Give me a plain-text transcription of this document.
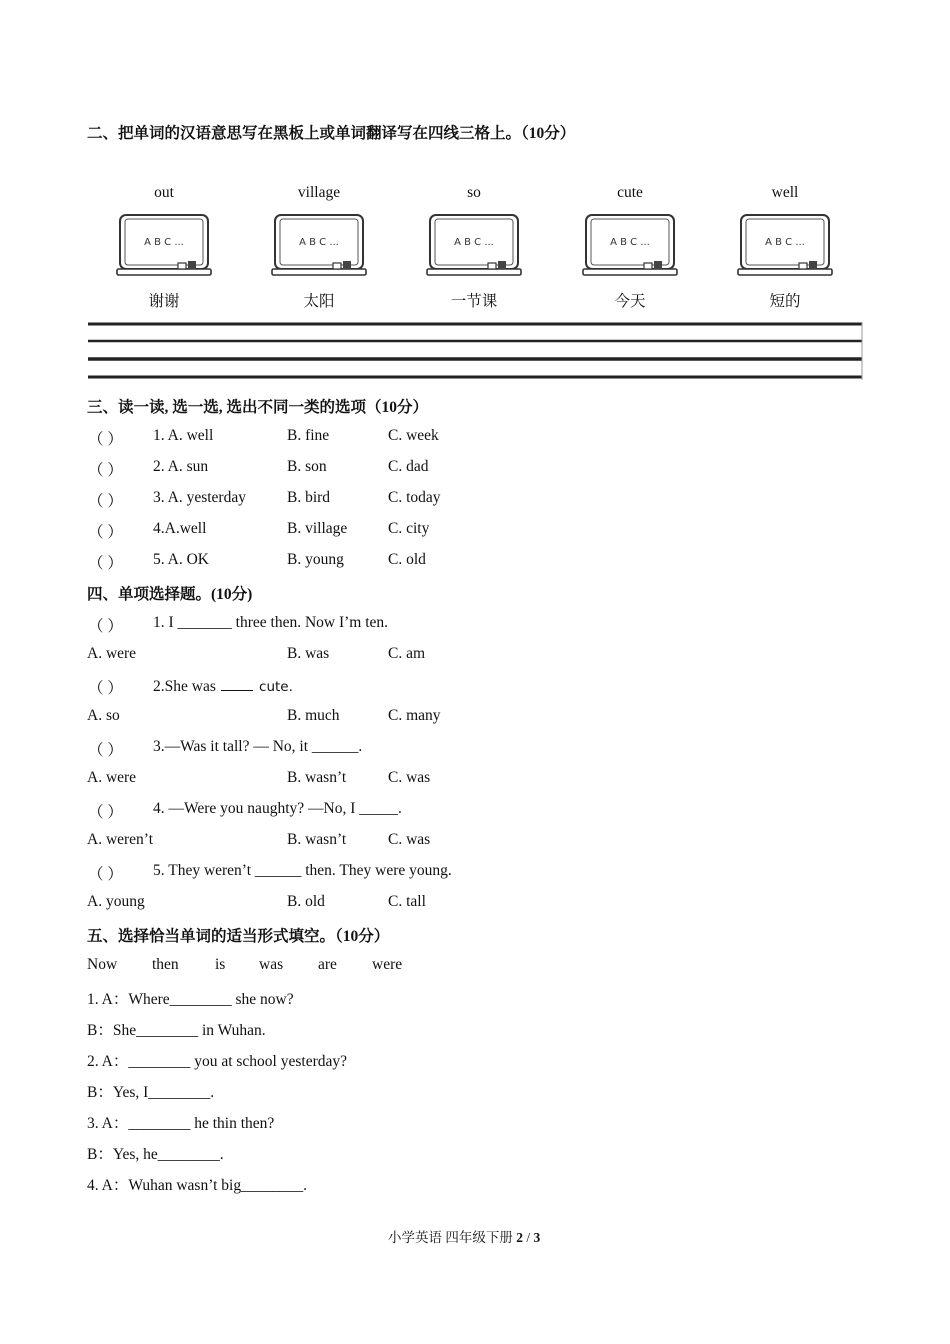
二、把单词的汉语意思写在黑板上或单词翻译写在四线三格上。（10分）
out	village	so	cute	well
A B C ...	A B C ...	A B C ...	A B C ...	A B C ...
谢谢	太阳	一节课	今天	短的
三、读一读, 选一选, 选出不同一类的选项（10分）
（ ） 1. A. well	B. fine	C. week
（ ） 2. A. sun	B. son	C. dad
（ ） 3. A. yesterday	B. bird	C. today
（ ） 4.A.well	B. village	C. city
（ ） 5. A. OK	B. young	C. old
四、单项选择题。(10分)
（ ） 1. I _______ three then. Now I’m ten.
A. were	B. was	C. am
（ ） 2.She was	cute.
A. so	B. much	C. many
（ ） 3.—Was it tall? — No, it ______.
A. were	B. wasn’t	C. was
（ ） 4. —Were you naughty? —No, I _____.
A. weren’t	B. wasn’t	C. was
（ ） 5. They weren’t ______ then. They were young.
A. young	B. old	C. tall
五、选择恰当单词的适当形式填空。（10分）
Now then is was are were
1. A：Where________ she now?
B：She________ in Wuhan.
2. A：________ you at school yesterday?
B：Yes, I________.
3. A：________ he thin then?
B：Yes, he________.
4. A：Wuhan wasn’t big________.
小学英语 四年级下册 2 / 3
